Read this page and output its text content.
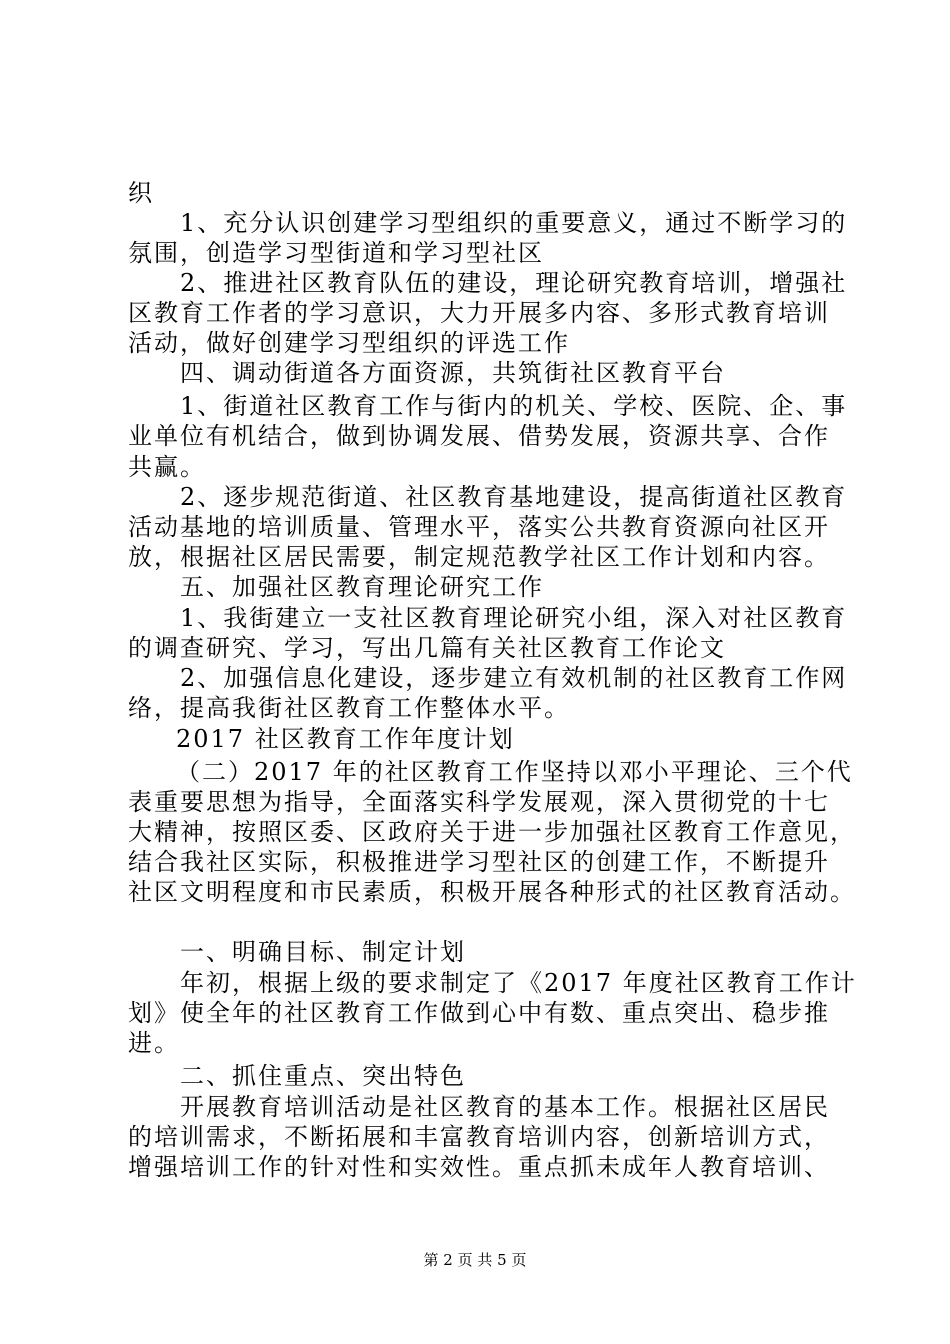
织
1、充分认识创建学习型组织的重要意义，通过不断学习的
氛围，创造学习型街道和学习型社区
2、推进社区教育队伍的建设，理论研究教育培训，增强社
区教育工作者的学习意识，大力开展多内容、多形式教育培训
活动，做好创建学习型组织的评选工作
四、调动街道各方面资源，共筑街社区教育平台
1、街道社区教育工作与街内的机关、学校、医院、企、事
业单位有机结合，做到协调发展、借势发展，资源共享、合作
共赢。
2、逐步规范街道、社区教育基地建设，提高街道社区教育
活动基地的培训质量、管理水平，落实公共教育资源向社区开
放，根据社区居民需要，制定规范教学社区工作计划和内容。
五、加强社区教育理论研究工作
1、我街建立一支社区教育理论研究小组，深入对社区教育
的调查研究、学习，写出几篇有关社区教育工作论文
2、加强信息化建设，逐步建立有效机制的社区教育工作网
络，提高我街社区教育工作整体水平。
2017 社区教育工作年度计划
（二）2017 年的社区教育工作坚持以邓小平理论、三个代
表重要思想为指导，全面落实科学发展观，深入贯彻党的十七
大精神，按照区委、区政府关于进一步加强社区教育工作意见，
结合我社区实际，积极推进学习型社区的创建工作，不断提升
社区文明程度和市民素质，积极开展各种形式的社区教育活动。
一、明确目标、制定计划
年初，根据上级的要求制定了《2017 年度社区教育工作计
划》使全年的社区教育工作做到心中有数、重点突出、稳步推
进。
二、抓住重点、突出特色
开展教育培训活动是社区教育的基本工作。根据社区居民
的培训需求，不断拓展和丰富教育培训内容，创新培训方式，
增强培训工作的针对性和实效性。重点抓未成年人教育培训、
第 2 页 共 5 页
